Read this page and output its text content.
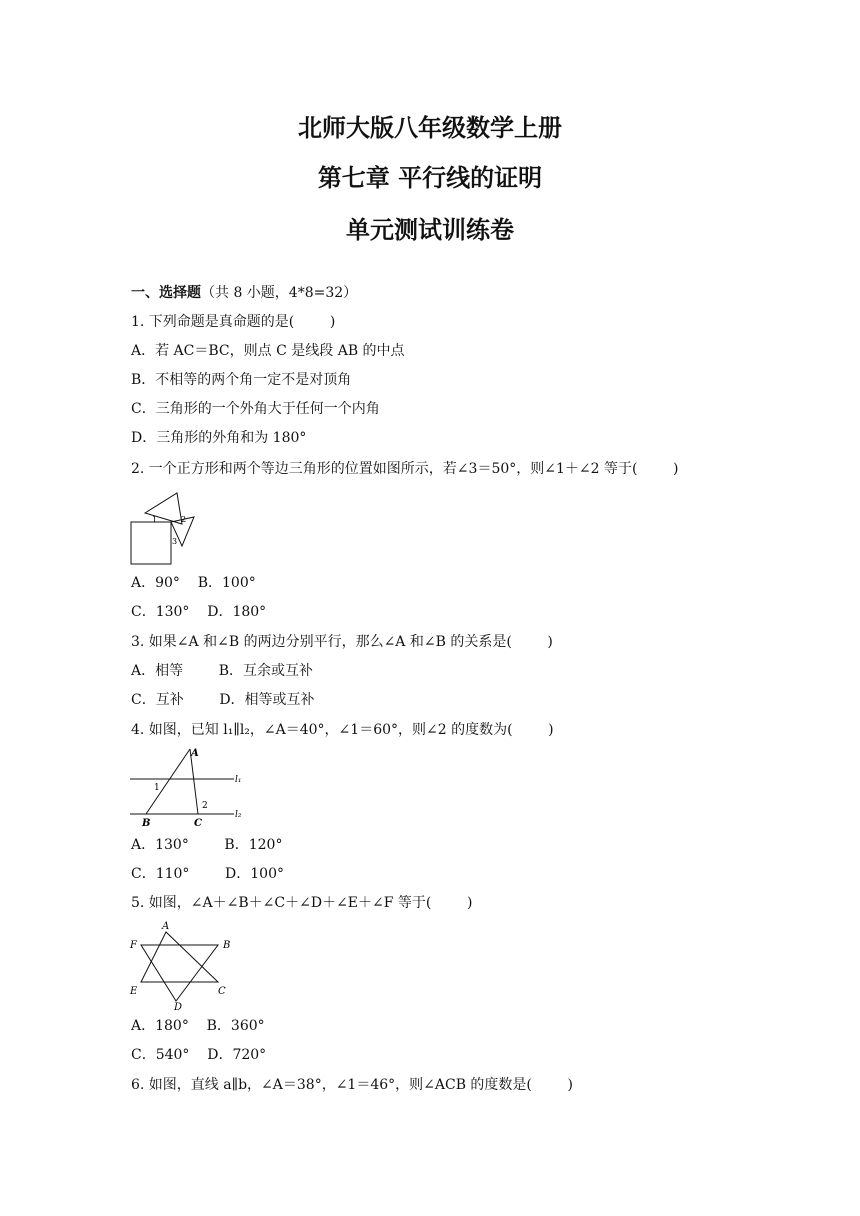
北师大版八年级数学上册
第七章 平行线的证明
单元测试训练卷
一、选择题（共 8 小题，4*8=32）
1. 下列命题是真命题的是(        )
A．若 AC＝BC，则点 C 是线段 AB 的中点
B．不相等的两个角一定不是对顶角
C．三角形的一个外角大于任何一个内角
D．三角形的外角和为 180°
2. 一个正方形和两个等边三角形的位置如图所示，若∠3＝50°，则∠1＋∠2 等于(        )
1	2
3
A．90°    B．100°
C．130°    D．180°
3. 如果∠A 和∠B 的两边分别平行，那么∠A 和∠B 的关系是(        )
A．相等        B．互余或互补
C．互补        D．相等或互补
4. 如图，已知 l₁∥l₂，∠A＝40°，∠1＝60°，则∠2 的度数为(        )
A
B	C
1
2
l₁
l₂
A．130°        B．120°
C．110°        D．100°
5. 如图，∠A＋∠B＋∠C＋∠D＋∠E＋∠F 等于(        )
A
B
C
D
E
F
A．180°    B．360°
C．540°    D．720°
6. 如图，直线 a∥b，∠A＝38°，∠1＝46°，则∠ACB 的度数是(        )
